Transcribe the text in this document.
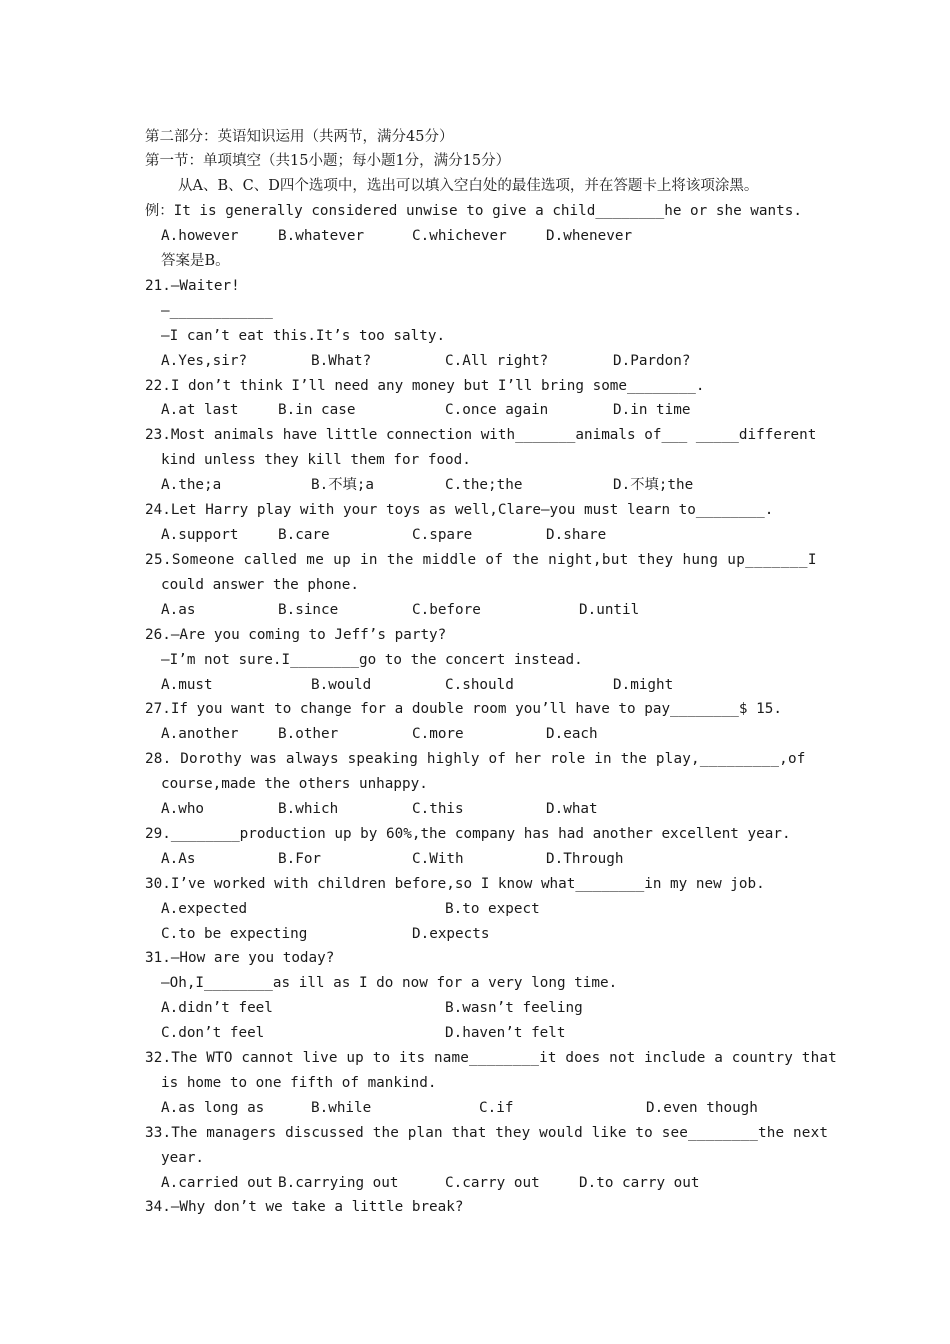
第二部分：英语知识运用（共两节，满分45分）
第一节：单项填空（共15小题；每小题1分，满分15分）
从A、B、C、D四个选项中，选出可以填入空白处的最佳选项，并在答题卡上将该项涂黑。
例：It is generally considered unwise to give a child________he or she wants.
A.however	B.whatever	C.whichever	D.whenever
答案是B。
21.—Waiter!
—____________
—I can’t eat this.It’s too salty.
A.Yes,sir?	B.What?	C.All right?	D.Pardon?
22.I don’t think I’ll need any money but I’ll bring some________.
A.at last	B.in case	C.once again	D.in time
23.Most animals have little connection with_______animals of___ _____different
kind unless they kill them for food.
A.the;a	B.不填;a	C.the;the	D.不填;the
24.Let Harry play with your toys as well,Clare—you must learn to________.
A.support	B.care	C.spare	D.share
25.Someone called me up in the middle of the night,but they hung up_______I
could answer the phone.
A.as	B.since	C.before	D.until
26.—Are you coming to Jeff’s party?
—I’m not sure.I________go to the concert instead.
A.must	B.would	C.should	D.might
27.If you want to change for a double room you’ll have to pay________$ 15.
A.another	B.other	C.more	D.each
28. Dorothy was always speaking highly of her role in the play,_________,of
course,made the others unhappy.
A.who	B.which	C.this	D.what
29.________production up by 60%,the company has had another excellent year.
A.As	B.For	C.With	D.Through
30.I’ve worked with children before,so I know what________in my new job.
A.expected	B.to expect
C.to be expecting	D.expects
31.—How are you today?
—Oh,I________as ill as I do now for a very long time.
A.didn’t feel	B.wasn’t feeling
C.don’t feel	D.haven’t felt
32.The WTO cannot live up to its name________it does not include a country that
is home to one fifth of mankind.
A.as long as	B.while	C.if	D.even though
33.The managers discussed the plan that they would like to see________the next
year.
A.carried out B.carrying out	C.carry out	D.to carry out
34.—Why don’t we take a little break?
